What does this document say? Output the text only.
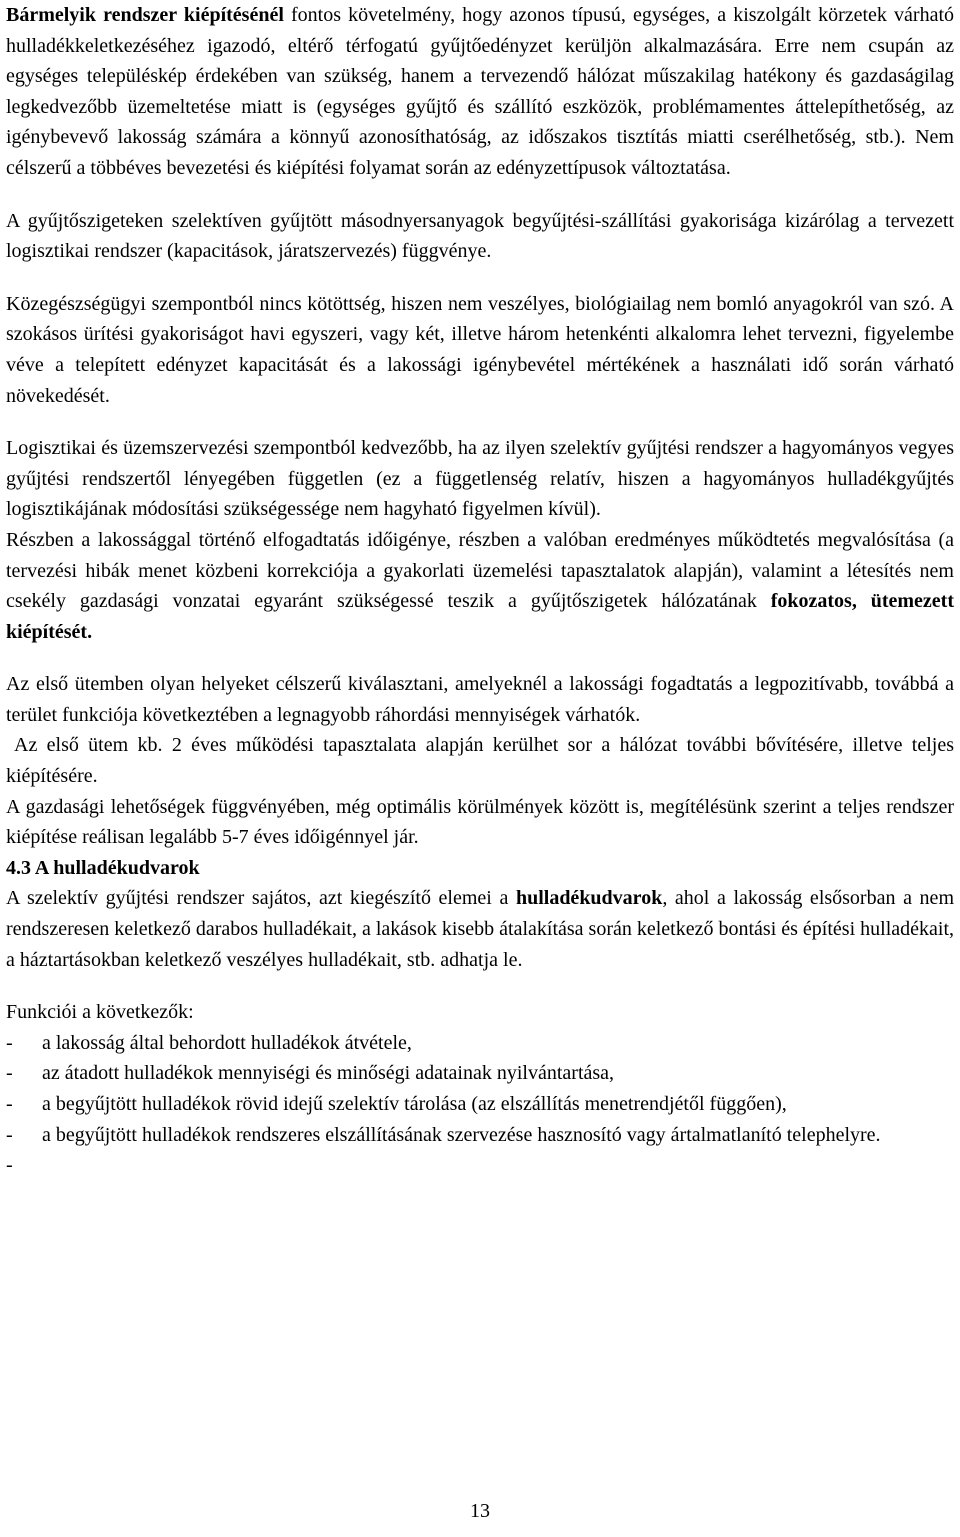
Bármelyik rendszer kiépítésénél fontos követelmény, hogy azonos típusú, egységes, a kiszolgált körzetek várható hulladékkeletkezéséhez igazodó, eltérő térfogatú gyűjtőedényzet kerüljön alkalmazására. Erre nem csupán az egységes településkép érdekében van szükség, hanem a tervezendő hálózat műszakilag hatékony és gazdaságilag legkedvezőbb üzemeltetése miatt is (egységes gyűjtő és szállító eszközök, problémamentes áttelepíthetőség, az igénybevevő lakosság számára a könnyű azonosíthatóság, az időszakos tisztítás miatti cserélhetőség, stb.). Nem célszerű a többéves bevezetési és kiépítési folyamat során az edényzettípusok változtatása.

A gyűjtőszigeteken szelektíven gyűjtött másodnyersanyagok begyűjtési-szállítási gyakorisága kizárólag a tervezett logisztikai rendszer (kapacitások, járatszervezés) függvénye.

Közegészségügyi szempontból nincs kötöttség, hiszen nem veszélyes, biológiailag nem bomló anyagokról van szó. A szokásos ürítési gyakoriságot havi egyszeri, vagy két, illetve három hetenkénti alkalomra lehet tervezni, figyelembe véve a telepített edényzet kapacitását és a lakossági igénybevétel mértékének a használati idő során várható növekedését.

Logisztikai és üzemszervezési szempontból kedvezőbb, ha az ilyen szelektív gyűjtési rendszer a hagyományos vegyes gyűjtési rendszertől lényegében független (ez a függetlenség relatív, hiszen a hagyományos hulladékgyűjtés logisztikájának módosítási szükségessége nem hagyható figyelmen kívül).

Részben a lakossággal történő elfogadtatás időigénye, részben a valóban eredményes működtetés megvalósítása (a tervezési hibák menet közbeni korrekciója a gyakorlati üzemelési tapasztalatok alapján), valamint a létesítés nem csekély gazdasági vonzatai egyaránt szükségessé teszik a gyűjtőszigetek hálózatának fokozatos, ütemezett kiépítését.

Az első ütemben olyan helyeket célszerű kiválasztani, amelyeknél a lakossági fogadtatás a legpozitívabb, továbbá a terület funkciója következtében a legnagyobb ráhordási mennyiségek várhatók.

Az első ütem kb. 2 éves működési tapasztalata alapján kerülhet sor a hálózat további bővítésére, illetve teljes kiépítésére.

A gazdasági lehetőségek függvényében, még optimális körülmények között is, megítélésünk szerint a teljes rendszer kiépítése reálisan legalább 5-7 éves időigénnyel jár.

4.3 A hulladékudvarok

A szelektív gyűjtési rendszer sajátos, azt kiegészítő elemei a hulladékudvarok, ahol a lakosság elsősorban a nem rendszeresen keletkező darabos hulladékait, a lakások kisebb átalakítása során keletkező bontási és építési hulladékait, a háztartásokban keletkező veszélyes hulladékait, stb. adhatja le.

Funkciói a következők:

- a lakosság által behordott hulladékok átvétele,
- az átadott hulladékok mennyiségi és minőségi adatainak nyilvántartása,
- a begyűjtött hulladékok rövid idejű szelektív tárolása (az elszállítás menetrendjétől függően),
- a begyűjtött hulladékok rendszeres elszállításának szervezése hasznosító vagy ártalmatlanító telephelyre.
-

13
